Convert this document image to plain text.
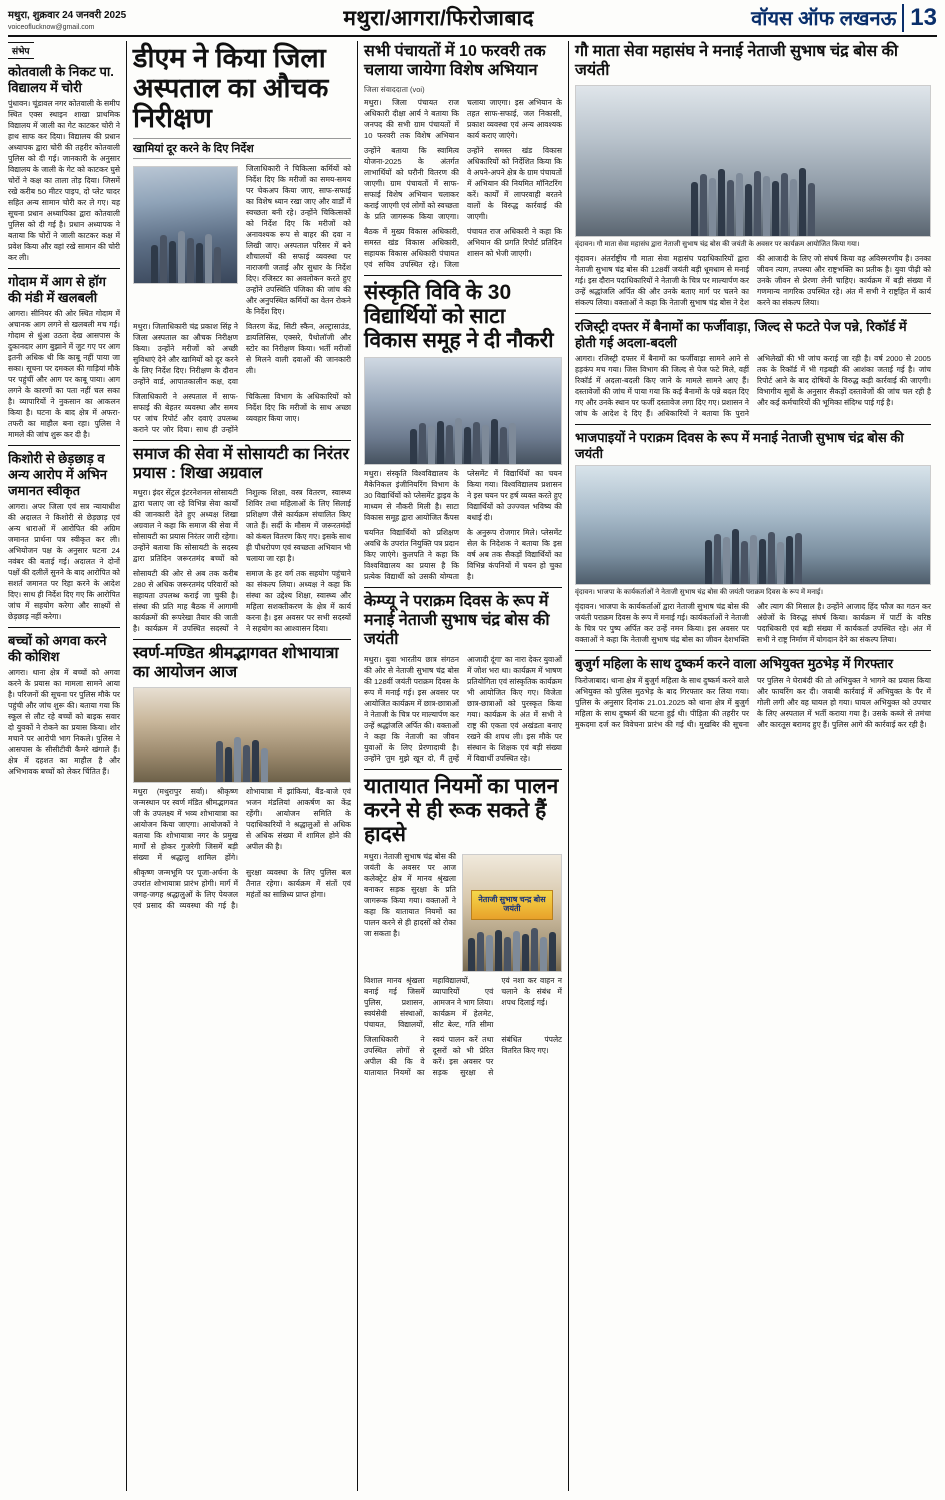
मथुरा, शुक्रवार 24 जनवरी 2025
voiceoflucknow@gmail.com	मथुरा/आगरा/फिरोजाबाद	वॉयस ऑफ लखनऊ 13
संभेप
कोतवाली के निकट पा. विद्यालय में चोरी

पुंधावन। चूंडावल नगर कोतवाली के समीप स्थित एक्स स्थाइन शाखा प्राथमिक विद्यालय में जाली का गेट काटकर चोरी ने हाथ साफ कर दिया। विद्यालय की प्रधान अध्यापक द्वारा चोरी की तहरीर कोतवाली पुलिस को दी गई। जानकारी के अनुसार विद्यालय के जाली के गेट को काटकर घुसे चोरों ने कक्ष का ताला तोड़ दिया। जिसमें रखे करीब 50 मीटर पाइप, दो प्लेट चादर सहित अन्य सामान चोरी कर ले गए। यह सूचना प्रधान अध्यापिका द्वारा कोतवाली पुलिस को दी गई है। प्रधान अध्यापक ने बताया कि चोरों ने जाली काटकर कक्ष में प्रवेश किया और वहां रखे सामान की चोरी कर ली।

गोदाम में आग से हॉग की मंडी में खलबली

आगरा। सीनियर की ओर स्थित गोदाम में अचानक आग लगने से खलबली मच गई। गोदाम से धुंआ उठता देख आसपास के दुकानदार आग बुझाने में जुट गए पर आग इतनी अधिक थी कि काबू नहीं पाया जा सका। सूचना पर दमकल की गाड़ियां मौके पर पहुंचीं और आग पर काबू पाया। आग लगने के कारणों का पता नहीं चल सका है। व्यापारियों ने नुकसान का आकलन किया है। घटना के बाद क्षेत्र में अफरा-तफरी का माहौल बना रहा। पुलिस ने मामले की जांच शुरू कर दी है।

किशोरी से छेड़छाड़ व अन्य आरोप में अभिन जमानत स्वीकृत

आगरा। अपर जिला एवं सत्र न्यायाधीश की अदालत ने किशोरी से छेड़छाड़ एवं अन्य धाराओं में आरोपित की अग्रिम जमानत प्रार्थना पत्र स्वीकृत कर ली। अभियोजन पक्ष के अनुसार घटना 24 नवंबर की बताई गई। अदालत ने दोनों पक्षों की दलीलें सुनने के बाद आरोपित को सशर्त जमानत पर रिहा करने के आदेश दिए। साथ ही निर्देश दिए गए कि आरोपित जांच में सहयोग करेगा और साक्ष्यों से छेड़छाड़ नहीं करेगा।

बच्चों को अगवा करने की कोशिश

आगरा। थाना क्षेत्र में बच्चों को अगवा करने के प्रयास का मामला सामने आया है। परिजनों की सूचना पर पुलिस मौके पर पहुंची और जांच शुरू की। बताया गया कि स्कूल से लौट रहे बच्चों को बाइक सवार दो युवकों ने रोकने का प्रयास किया। शोर मचाने पर आरोपी भाग निकले। पुलिस ने आसपास के सीसीटीवी कैमरे खंगाले हैं। क्षेत्र में दहशत का माहौल है और अभिभावक बच्चों को लेकर चिंतित हैं।

डीएम ने किया जिला अस्पताल का औचक निरीक्षण
खामियां दूर करने के दिए निर्देश

जिलाधिकारी ने चिकित्सा कर्मियों को निर्देश दिए कि मरीजों का समय-समय पर चेकअप किया जाए, साफ-सफाई का विशेष ध्यान रखा जाए और वार्डों में स्वच्छता बनी रहे। उन्होंने चिकित्सकों को निर्देश दिए कि मरीजों को अनावश्यक रूप से बाहर की दवा न लिखी जाए। अस्पताल परिसर में बने शौचालयों की सफाई व्यवस्था पर नाराजगी जताई और सुधार के निर्देश दिए। रजिस्टर का अवलोकन करते हुए उन्होंने उपस्थिति पंजिका की जांच की और अनुपस्थित कर्मियों का वेतन रोकने के निर्देश दिए।

मथुरा। जिलाधिकारी चंद्र प्रकाश सिंह ने जिला अस्पताल का औचक निरीक्षण किया। उन्होंने मरीजों को अच्छी सुविधाएं देने और खामियों को दूर करने के लिए निर्देश दिए। निरीक्षण के दौरान उन्होंने वार्ड, आपातकालीन कक्ष, दवा वितरण केंद्र, सिटी स्कैन, अल्ट्रासाउंड, डायलिसिस, एक्सरे, पैथोलॉजी और स्टोर का निरीक्षण किया। भर्ती मरीजों से मिलने वाली दवाओं की जानकारी ली।

जिलाधिकारी ने अस्पताल में साफ-सफाई की बेहतर व्यवस्था और समय पर जांच रिपोर्ट और दवाएं उपलब्ध कराने पर जोर दिया। साथ ही उन्होंने चिकित्सा विभाग के अधिकारियों को निर्देश दिए कि मरीजों के साथ अच्छा व्यवहार किया जाए।

समाज की सेवा में सोसायटी का निरंतर प्रयास : शिखा अग्रवाल

मथुरा। इंदर सेंट्रल इंटरनेशनल सोसायटी द्वारा चलाए जा रहे विभिन्न सेवा कार्यों की जानकारी देते हुए अध्यक्ष शिखा अग्रवाल ने कहा कि समाज की सेवा में सोसायटी का प्रयास निरंतर जारी रहेगा। उन्होंने बताया कि सोसायटी के सदस्य द्वारा प्रतिदिन जरूरतमंद बच्चों को निशुल्क शिक्षा, वस्त्र वितरण, स्वास्थ्य शिविर तथा महिलाओं के लिए सिलाई प्रशिक्षण जैसे कार्यक्रम संचालित किए जाते हैं। सर्दी के मौसम में जरूरतमंदों को कंबल वितरण किए गए। इसके साथ ही पौधरोपण एवं स्वच्छता अभियान भी चलाया जा रहा है।

सोसायटी की ओर से अब तक करीब 280 से अधिक जरूरतमंद परिवारों को सहायता उपलब्ध कराई जा चुकी है। संस्था की प्रति माह बैठक में आगामी कार्यक्रमों की रूपरेखा तैयार की जाती है। कार्यक्रम में उपस्थित सदस्यों ने समाज के हर वर्ग तक सहयोग पहुंचाने का संकल्प लिया। अध्यक्ष ने कहा कि संस्था का उद्देश्य शिक्षा, स्वास्थ्य और महिला सशक्तीकरण के क्षेत्र में कार्य करना है। इस अवसर पर सभी सदस्यों ने सहयोग का आश्वासन दिया।

स्वर्ण-मण्डित श्रीमद्भागवत शोभायात्रा का आयोजन आज

मथुरा (मथुरापुर सर्वा)। श्रीकृष्ण जन्मस्थान पर स्वर्ण मंडित श्रीमद्भागवत जी के उपलक्ष्य में भव्य शोभायात्रा का आयोजन किया जाएगा। आयोजकों ने बताया कि शोभायात्रा नगर के प्रमुख मार्गों से होकर गुजरेगी जिसमें बड़ी संख्या में श्रद्धालु शामिल होंगे। शोभायात्रा में झांकियां, बैंड-बाजे एवं भजन मंडलियां आकर्षण का केंद्र रहेंगी। आयोजन समिति के पदाधिकारियों ने श्रद्धालुओं से अधिक से अधिक संख्या में शामिल होने की अपील की है।

श्रीकृष्ण जन्मभूमि पर पूजा-अर्चना के उपरांत शोभायात्रा प्रारंभ होगी। मार्ग में जगह-जगह श्रद्धालुओं के लिए पेयजल एवं प्रसाद की व्यवस्था की गई है। सुरक्षा व्यवस्था के लिए पुलिस बल तैनात रहेगा। कार्यक्रम में संतों एवं महंतों का सान्निध्य प्राप्त होगा।

सभी पंचायतों में 10 फरवरी तक चलाया जायेगा विशेष अभियान
जिला संवाददाता (voi)

मथुरा। जिला पंचायत राज अधिकारी दीक्षा आर्य ने बताया कि जनपद की सभी ग्राम पंचायतों में 10 फरवरी तक विशेष अभियान चलाया जाएगा। इस अभियान के तहत साफ-सफाई, जल निकासी, प्रकाश व्यवस्था एवं अन्य आवश्यक कार्य कराए जाएंगे।

उन्होंने बताया कि स्वामित्व योजना-2025 के अंतर्गत लाभार्थियों को घरौनी वितरण की जाएगी। ग्राम पंचायतों में साफ-सफाई विशेष अभियान चलाकर कराई जाएगी एवं लोगों को स्वच्छता के प्रति जागरूक किया जाएगा। उन्होंने समस्त खंड विकास अधिकारियों को निर्देशित किया कि वे अपने-अपने क्षेत्र के ग्राम पंचायतों में अभियान की नियमित मॉनिटरिंग करें। कार्यों में लापरवाही बरतने वालों के विरुद्ध कार्रवाई की जाएगी।

बैठक में मुख्य विकास अधिकारी, समस्त खंड विकास अधिकारी, सहायक विकास अधिकारी पंचायत एवं सचिव उपस्थित रहे। जिला पंचायत राज अधिकारी ने कहा कि अभियान की प्रगति रिपोर्ट प्रतिदिन शासन को भेजी जाएगी।

संस्कृति विवि के 30 विद्यार्थियों को साटा विकास समूह ने दी नौकरी

मथुरा। संस्कृति विश्वविद्यालय के मैकेनिकल इंजीनियरिंग विभाग के 30 विद्यार्थियों को प्लेसमेंट ड्राइव के माध्यम से नौकरी मिली है। साटा विकास समूह द्वारा आयोजित कैंपस प्लेसमेंट में विद्यार्थियों का चयन किया गया। विश्वविद्यालय प्रशासन ने इस चयन पर हर्ष व्यक्त करते हुए विद्यार्थियों को उज्ज्वल भविष्य की बधाई दी।

चयनित विद्यार्थियों को प्रशिक्षण अवधि के उपरांत नियुक्ति पत्र प्रदान किए जाएंगे। कुलपति ने कहा कि विश्वविद्यालय का प्रयास है कि प्रत्येक विद्यार्थी को उसकी योग्यता के अनुरूप रोजगार मिले। प्लेसमेंट सेल के निदेशक ने बताया कि इस वर्ष अब तक सैकड़ों विद्यार्थियों का विभिन्न कंपनियों में चयन हो चुका है।

केम्प्यू ने पराक्रम दिवस के रूप में मनाई नेताजी सुभाष चंद्र बोस की जयंती

मथुरा। युवा भारतीय छात्र संगठन की ओर से नेताजी सुभाष चंद्र बोस की 128वीं जयंती पराक्रम दिवस के रूप में मनाई गई। इस अवसर पर आयोजित कार्यक्रम में छात्र-छात्राओं ने नेताजी के चित्र पर माल्यार्पण कर उन्हें श्रद्धांजलि अर्पित की। वक्ताओं ने कहा कि नेताजी का जीवन युवाओं के लिए प्रेरणादायी है। उन्होंने 'तुम मुझे खून दो, मैं तुम्हें आजादी दूंगा' का नारा देकर युवाओं में जोश भरा था। कार्यक्रम में भाषण प्रतियोगिता एवं सांस्कृतिक कार्यक्रम भी आयोजित किए गए। विजेता छात्र-छात्राओं को पुरस्कृत किया गया। कार्यक्रम के अंत में सभी ने राष्ट्र की एकता एवं अखंडता बनाए रखने की शपथ ली। इस मौके पर संस्थान के शिक्षक एवं बड़ी संख्या में विद्यार्थी उपस्थित रहे।

यातायात नियमों का पालन करने से ही रूक सकते हैं हादसे

मथुरा। नेताजी सुभाष चंद्र बोस की जयंती के अवसर पर आज कलेक्ट्रेट क्षेत्र में मानव श्रृंखला बनाकर सड़क सुरक्षा के प्रति जागरूक किया गया। वक्ताओं ने कहा कि यातायात नियमों का पालन करने से ही हादसों को रोका जा सकता है।

नेताजी सुभाष चन्द्र बोस जयंती

विशाल मानव श्रृंखला बनाई गई जिसमें पुलिस, प्रशासन, स्वयंसेवी संस्थाओं, पंचायत, विद्यालयों, महाविद्यालयों, व्यापारियों एवं आमजन ने भाग लिया। कार्यक्रम में हेलमेट, सीट बेल्ट, गति सीमा एवं नशा कर वाहन न चलाने के संबंध में शपथ दिलाई गई।

जिलाधिकारी ने उपस्थित लोगों से अपील की कि वे यातायात नियमों का स्वयं पालन करें तथा दूसरों को भी प्रेरित करें। इस अवसर पर सड़क सुरक्षा से संबंधित पंपलेट वितरित किए गए।

गौ माता सेवा महासंघ ने मनाई नेताजी सुभाष चंद्र बोस की जयंती
वृंदावन। गौ माता सेवा महासंघ द्वारा नेताजी सुभाष चंद्र बोस की जयंती के अवसर पर कार्यक्रम आयोजित किया गया।

वृंदावन। अंतर्राष्ट्रीय गौ माता सेवा महासंघ पदाधिकारियों द्वारा नेताजी सुभाष चंद्र बोस की 128वीं जयंती बड़ी धूमधाम से मनाई गई। इस दौरान पदाधिकारियों ने नेताजी के चित्र पर माल्यार्पण कर उन्हें श्रद्धांजलि अर्पित की और उनके बताए मार्ग पर चलने का संकल्प लिया। वक्ताओं ने कहा कि नेताजी सुभाष चंद्र बोस ने देश की आजादी के लिए जो संघर्ष किया वह अविस्मरणीय है। उनका जीवन त्याग, तपस्या और राष्ट्रभक्ति का प्रतीक है। युवा पीढ़ी को उनके जीवन से प्रेरणा लेनी चाहिए। कार्यक्रम में बड़ी संख्या में गणमान्य नागरिक उपस्थित रहे। अंत में सभी ने राष्ट्रहित में कार्य करने का संकल्प लिया।

रजिस्ट्री दफ्तर में बैनामों का फर्जीवाड़ा, जिल्द से फटते पेज पन्ने, रिकॉर्ड में होती गई अदला-बदली

आगरा। रजिस्ट्री दफ्तर में बैनामों का फर्जीवाड़ा सामने आने से हड़कंप मच गया। जिस विभाग की जिल्द से पेज फटे मिले, वहीं रिकॉर्ड में अदला-बदली किए जाने के मामले सामने आए हैं। दस्तावेजों की जांच में पाया गया कि कई बैनामों के पन्ने बदल दिए गए और उनके स्थान पर फर्जी दस्तावेज लगा दिए गए। प्रशासन ने जांच के आदेश दे दिए हैं। अधिकारियों ने बताया कि पुराने अभिलेखों की भी जांच कराई जा रही है। वर्ष 2000 से 2005 तक के रिकॉर्ड में भी गड़बड़ी की आशंका जताई गई है। जांच रिपोर्ट आने के बाद दोषियों के विरुद्ध कड़ी कार्रवाई की जाएगी। विभागीय सूत्रों के अनुसार सैकड़ों दस्तावेजों की जांच चल रही है और कई कर्मचारियों की भूमिका संदिग्ध पाई गई है।

भाजपाइयों ने पराक्रम दिवस के रूप में मनाई नेताजी सुभाष चंद्र बोस की जयंती
वृंदावन। भाजपा के कार्यकर्ताओं ने नेताजी सुभाष चंद्र बोस की जयंती पराक्रम दिवस के रूप में मनाई।

वृंदावन। भाजपा के कार्यकर्ताओं द्वारा नेताजी सुभाष चंद्र बोस की जयंती पराक्रम दिवस के रूप में मनाई गई। कार्यकर्ताओं ने नेताजी के चित्र पर पुष्प अर्पित कर उन्हें नमन किया। इस अवसर पर वक्ताओं ने कहा कि नेताजी सुभाष चंद्र बोस का जीवन देशभक्ति और त्याग की मिसाल है। उन्होंने आजाद हिंद फौज का गठन कर अंग्रेजों के विरुद्ध संघर्ष किया। कार्यक्रम में पार्टी के वरिष्ठ पदाधिकारी एवं बड़ी संख्या में कार्यकर्ता उपस्थित रहे। अंत में सभी ने राष्ट्र निर्माण में योगदान देने का संकल्प लिया।

बुजुर्ग महिला के साथ दुष्कर्म करने वाला अभियुक्त मुठभेड़ में गिरफ्तार

फिरोजाबाद। थाना क्षेत्र में बुजुर्ग महिला के साथ दुष्कर्म करने वाले अभियुक्त को पुलिस मुठभेड़ के बाद गिरफ्तार कर लिया गया। पुलिस के अनुसार दिनांक 21.01.2025 को थाना क्षेत्र में बुजुर्ग महिला के साथ दुष्कर्म की घटना हुई थी। पीड़िता की तहरीर पर मुकदमा दर्ज कर विवेचना प्रारंभ की गई थी। मुखबिर की सूचना पर पुलिस ने घेराबंदी की तो अभियुक्त ने भागने का प्रयास किया और फायरिंग कर दी। जवाबी कार्रवाई में अभियुक्त के पैर में गोली लगी और वह घायल हो गया। घायल अभियुक्त को उपचार के लिए अस्पताल में भर्ती कराया गया है। उसके कब्जे से तमंचा और कारतूस बरामद हुए हैं। पुलिस आगे की कार्रवाई कर रही है।
